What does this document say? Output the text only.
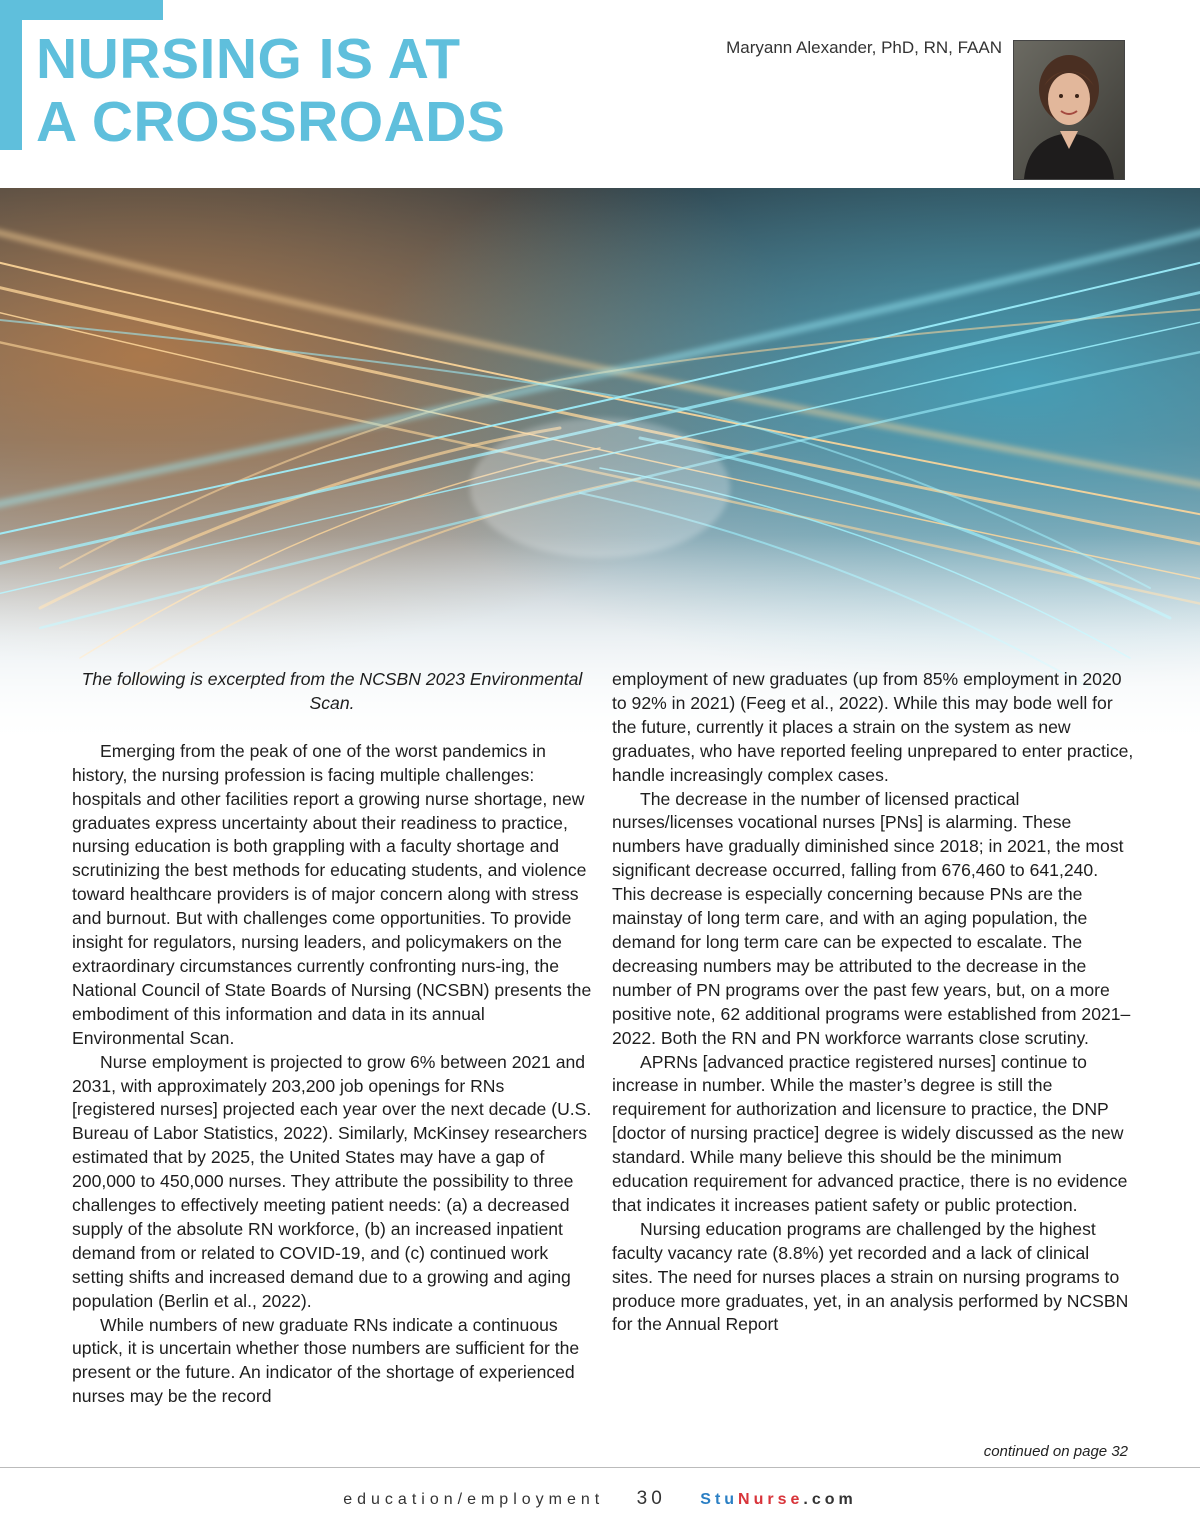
NURSING IS AT
A CROSSROADS
Maryann Alexander, PhD, RN, FAAN

The following is excerpted from the NCSBN 2023 Environmental Scan.

Emerging from the peak of one of the worst pandemics in history, the nursing profession is facing multiple challenges: hospitals and other facilities report a growing nurse shortage, new graduates express uncertainty about their readiness to practice, nursing education is both grappling with a faculty shortage and scrutinizing the best methods for educating students, and violence toward healthcare providers is of major concern along with stress and burnout. But with challenges come opportunities. To provide insight for regulators, nursing leaders, and policymakers on the extraordinary circumstances currently confronting nurs-ing, the National Council of State Boards of Nursing (NCSBN) presents the embodiment of this information and data in its annual Environmental Scan.

Nurse employment is projected to grow 6% between 2021 and 2031, with approximately 203,200 job openings for RNs [registered nurses] projected each year over the next decade (U.S. Bureau of Labor Statistics, 2022). Similarly, McKinsey researchers estimated that by 2025, the United States may have a gap of 200,000 to 450,000 nurses. They attribute the possibility to three challenges to effectively meeting patient needs: (a) a decreased supply of the absolute RN workforce, (b) an increased inpatient demand from or related to COVID-19, and (c) continued work setting shifts and increased demand due to a growing and aging population (Berlin et al., 2022).

While numbers of new graduate RNs indicate a continuous uptick, it is uncertain whether those numbers are sufficient for the present or the future. An indicator of the shortage of experienced nurses may be the record

employment of new graduates (up from 85% employment in 2020 to 92% in 2021) (Feeg et al., 2022). While this may bode well for the future, currently it places a strain on the system as new graduates, who have reported feeling unprepared to enter practice, handle increasingly complex cases.

The decrease in the number of licensed practical nurses/licenses vocational nurses [PNs] is alarming. These numbers have gradually diminished since 2018; in 2021, the most significant decrease occurred, falling from 676,460 to 641,240. This decrease is especially concerning because PNs are the mainstay of long term care, and with an aging population, the demand for long term care can be expected to escalate. The decreasing numbers may be attributed to the decrease in the number of PN programs over the past few years, but, on a more positive note, 62 additional programs were established from 2021–2022. Both the RN and PN workforce warrants close scrutiny.

APRNs [advanced practice registered nurses] continue to increase in number. While the master’s degree is still the requirement for authorization and licensure to practice, the DNP [doctor of nursing practice] degree is widely discussed as the new standard. While many believe this should be the minimum education requirement for advanced practice, there is no evidence that indicates it increases patient safety or public protection.

Nursing education programs are challenged by the highest faculty vacancy rate (8.8%) yet recorded and a lack of clinical sites. The need for nurses places a strain on nursing programs to produce more graduates, yet, in an analysis performed by NCSBN for the Annual Report

continued on page 32
education/employment 30 StuNurse.com
